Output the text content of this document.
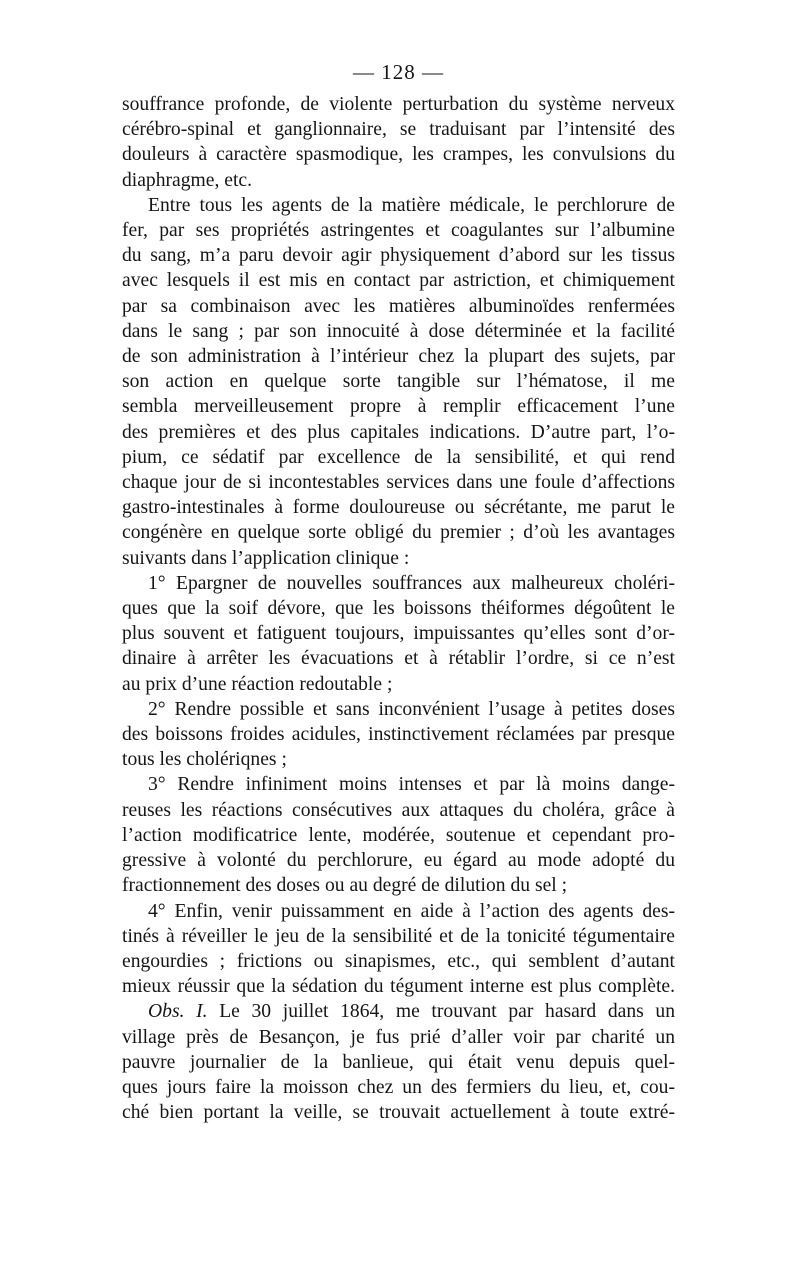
— 128 —
souffrance profonde, de violente perturbation du système nerveux
cérébro-spinal et ganglionnaire, se traduisant par l’intensité des
douleurs à caractère spasmodique, les crampes, les convulsions du
diaphragme, etc.
Entre tous les agents de la matière médicale, le perchlorure de
fer, par ses propriétés astringentes et coagulantes sur l’albumine
du sang, m’a paru devoir agir physiquement d’abord sur les tissus
avec lesquels il est mis en contact par astriction, et chimiquement
par sa combinaison avec les matières albuminoïdes renfermées
dans le sang ; par son innocuité à dose déterminée et la facilité
de son administration à l’intérieur chez la plupart des sujets, par
son action en quelque sorte tangible sur l’hématose, il me
sembla merveilleusement propre à remplir efficacement l’une
des premières et des plus capitales indications. D’autre part, l’o-
pium, ce sédatif par excellence de la sensibilité, et qui rend
chaque jour de si incontestables services dans une foule d’affections
gastro-intestinales à forme douloureuse ou sécrétante, me parut le
congénère en quelque sorte obligé du premier ; d’où les avantages
suivants dans l’application clinique :
1° Epargner de nouvelles souffrances aux malheureux choléri-
ques que la soif dévore, que les boissons théiformes dégoûtent le
plus souvent et fatiguent toujours, impuissantes qu’elles sont d’or-
dinaire à arrêter les évacuations et à rétablir l’ordre, si ce n’est
au prix d’une réaction redoutable ;
2° Rendre possible et sans inconvénient l’usage à petites doses
des boissons froides acidules, instinctivement réclamées par presque
tous les cholériqnes ;
3° Rendre infiniment moins intenses et par là moins dange-
reuses les réactions consécutives aux attaques du choléra, grâce à
l’action modificatrice lente, modérée, soutenue et cependant pro-
gressive à volonté du perchlorure, eu égard au mode adopté du
fractionnement des doses ou au degré de dilution du sel ;
4° Enfin, venir puissamment en aide à l’action des agents des-
tinés à réveiller le jeu de la sensibilité et de la tonicité tégumentaire
engourdies ; frictions ou sinapismes, etc., qui semblent d’autant
mieux réussir que la sédation du tégument interne est plus complète.
Obs. I. Le 30 juillet 1864, me trouvant par hasard dans un
village près de Besançon, je fus prié d’aller voir par charité un
pauvre journalier de la banlieue, qui était venu depuis quel-
ques jours faire la moisson chez un des fermiers du lieu, et, cou-
ché bien portant la veille, se trouvait actuellement à toute extré-
